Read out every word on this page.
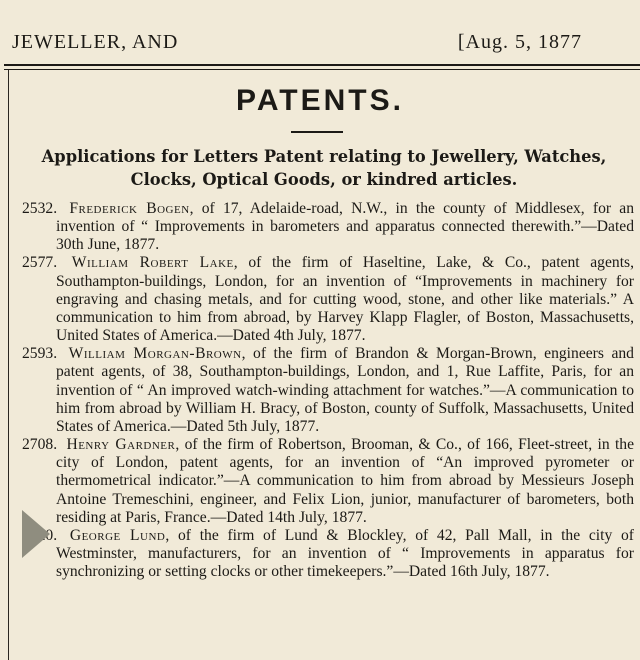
JEWELLER, AND	[Aug. 5, 1877
PATENTS.
Applications for Letters Patent relating to Jewellery, Watches, Clocks, Optical Goods, or kindred articles.

2532. Frederick Bogen, of 17, Adelaide-road, N.W., in the county of Middlesex, for an invention of “ Improvements in barometers and apparatus connected therewith.”—Dated 30th June, 1877.

2577. William Robert Lake, of the firm of Haseltine, Lake, & Co., patent agents, Southampton-buildings, London, for an invention of “Improvements in machinery for engraving and chasing metals, and for cutting wood, stone, and other like materials.” A communication to him from abroad, by Harvey Klapp Flagler, of Boston, Massachusetts, United States of America.—Dated 4th July, 1877.

2593. William Morgan-Brown, of the firm of Brandon & Morgan-Brown, engineers and patent agents, of 38, Southampton-buildings, London, and 1, Rue Laffite, Paris, for an invention of “ An improved watch-winding attachment for watches.”—A communication to him from abroad by William H. Bracy, of Boston, county of Suffolk, Massachusetts, United States of America.—Dated 5th July, 1877.

2708. Henry Gardner, of the firm of Robertson, Brooman, & Co., of 166, Fleet-street, in the city of London, patent agents, for an invention of “An improved pyrometer or thermometrical indicator.”—A communication to him from abroad by Messieurs Joseph Antoine Tremeschini, engineer, and Felix Lion, junior, manufacturer of barometers, both residing at Paris, France.—Dated 14th July, 1877.

2720. George Lund, of the firm of Lund & Blockley, of 42, Pall Mall, in the city of Westminster, manufacturers, for an invention of “ Improvements in apparatus for synchronizing or setting clocks or other timekeepers.”—Dated 16th July, 1877.
